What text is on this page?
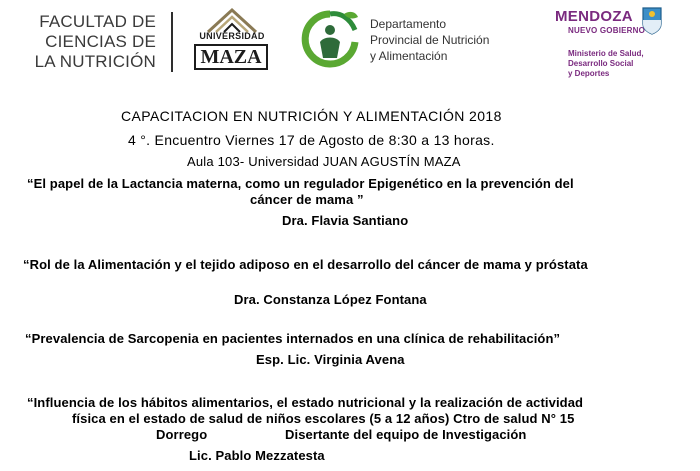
FACULTAD DE
CIENCIAS DE
LA NUTRICIÓN
UNIVERSIDAD
MAZA
Departamento
Provincial de Nutrición
y Alimentación
MENDOZA
NUEVO GOBIERNO
Ministerio de Salud,
Desarrollo Social
y Deportes
CAPACITACION EN NUTRICIÓN Y ALIMENTACIÓN 2018
4 °. Encuentro Viernes 17 de Agosto de 8:30 a 13 horas.
Aula 103- Universidad JUAN AGUSTÍN MAZA
“El papel de la Lactancia materna, como un regulador Epigenético en la prevención del
cáncer de mama ”
Dra. Flavia Santiano
“Rol de la Alimentación y el tejido adiposo en el desarrollo del cáncer de mama y próstata
Dra. Constanza López Fontana
“Prevalencia de Sarcopenia en pacientes internados en una clínica de rehabilitación”
Esp. Lic. Virginia Avena
“Influencia de los hábitos alimentarios, el estado nutricional y la realización de actividad
física en el estado de salud de niños escolares (5 a 12 años) Ctro de salud N° 15
Dorrego	Disertante del equipo de Investigación
Lic. Pablo Mezzatesta
